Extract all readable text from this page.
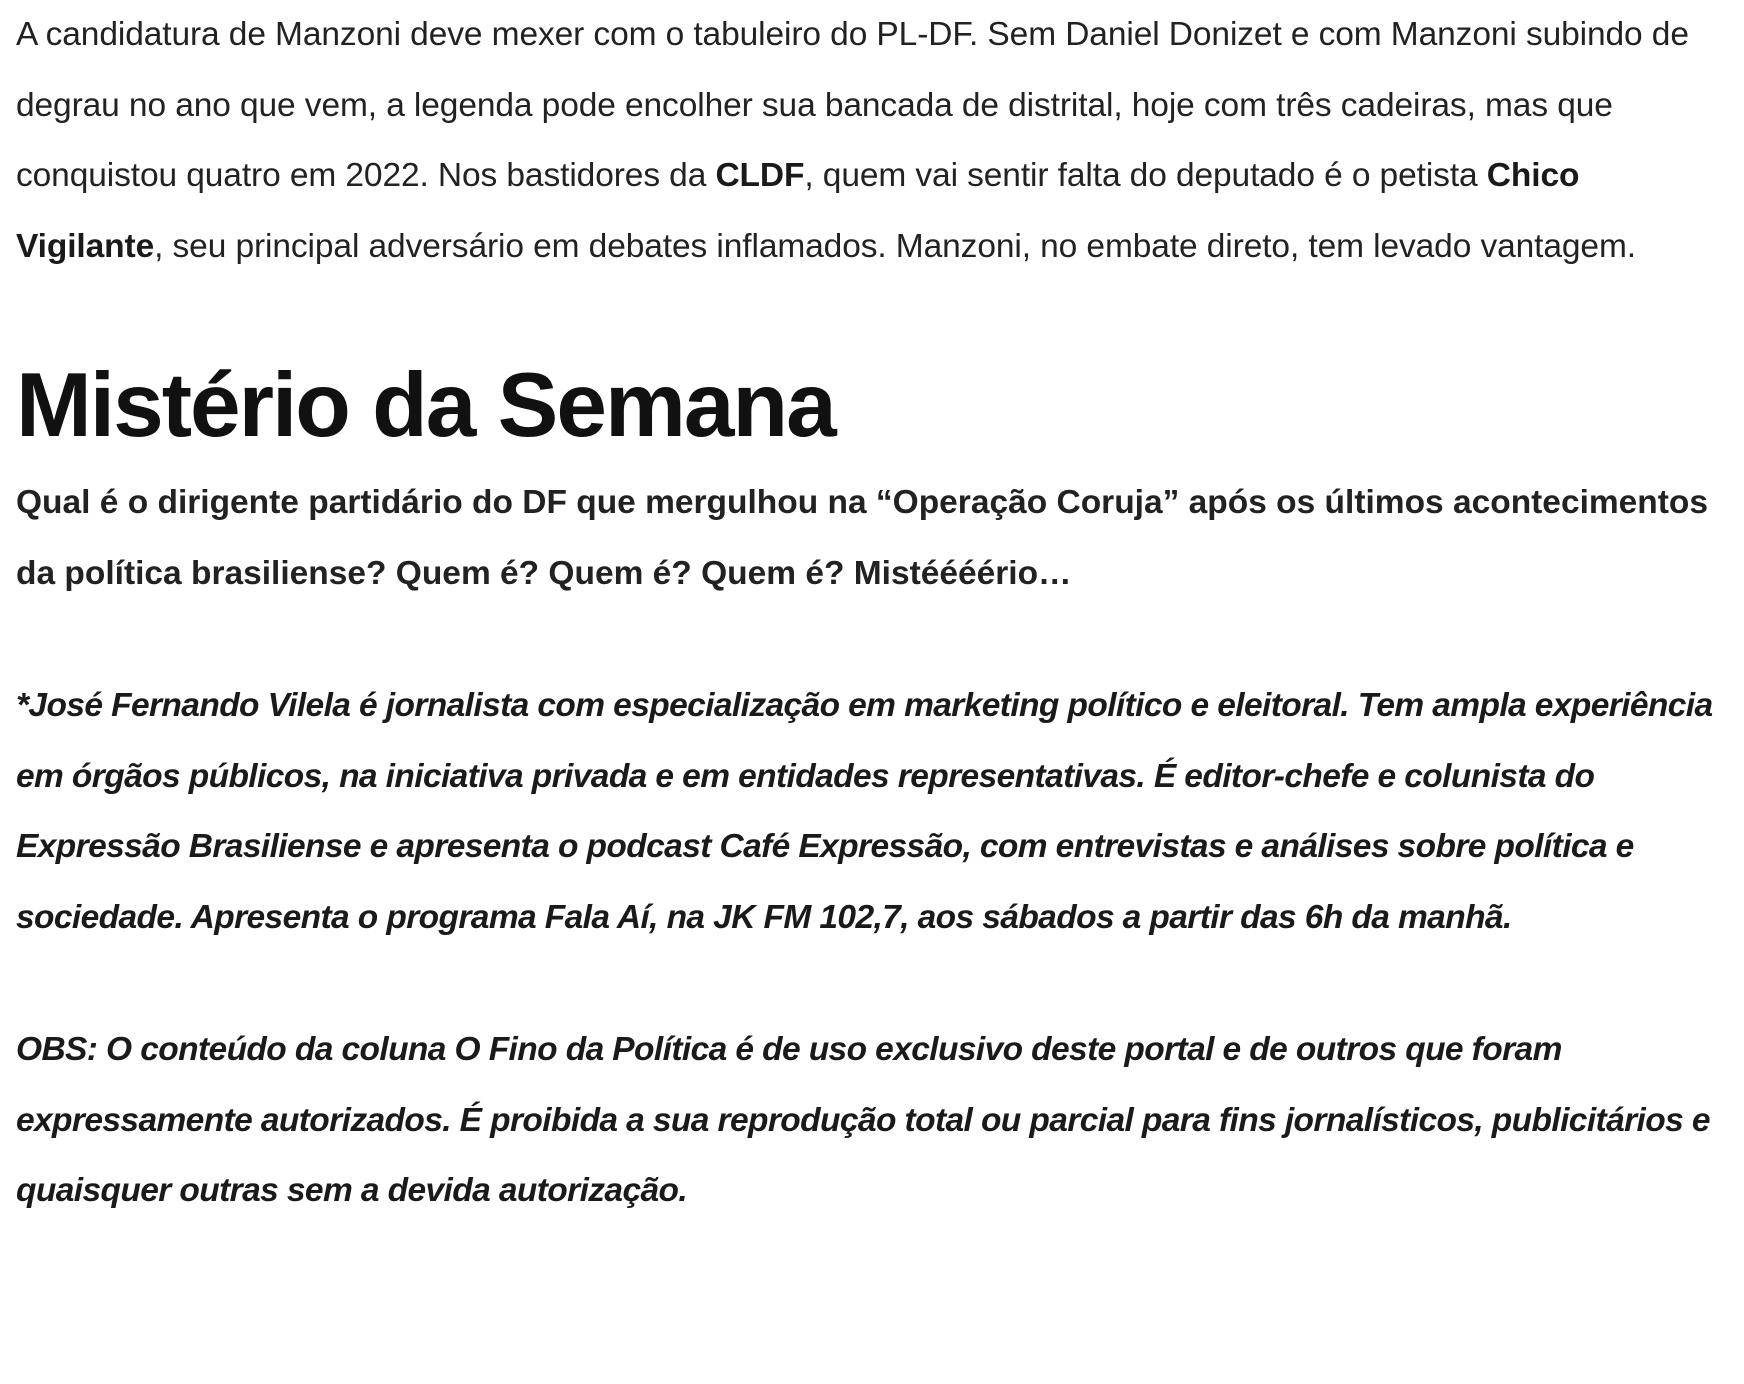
A candidatura de Manzoni deve mexer com o tabuleiro do PL-DF. Sem Daniel Donizet e com Manzoni subindo de degrau no ano que vem, a legenda pode encolher sua bancada de distrital, hoje com três cadeiras, mas que conquistou quatro em 2022. Nos bastidores da CLDF, quem vai sentir falta do deputado é o petista Chico Vigilante, seu principal adversário em debates inflamados. Manzoni, no embate direto, tem levado vantagem.

Mistério da Semana

Qual é o dirigente partidário do DF que mergulhou na “Operação Coruja” após os últimos acontecimentos da política brasiliense? Quem é? Quem é? Quem é? Mistéééério…

*José Fernando Vilela é jornalista com especialização em marketing político e eleitoral. Tem ampla experiência em órgãos públicos, na iniciativa privada e em entidades representativas. É editor-chefe e colunista do Expressão Brasiliense e apresenta o podcast Café Expressão, com entrevistas e análises sobre política e sociedade. Apresenta o programa Fala Aí, na JK FM 102,7, aos sábados a partir das 6h da manhã.

OBS: O conteúdo da coluna O Fino da Política é de uso exclusivo deste portal e de outros que foram expressamente autorizados. É proibida a sua reprodução total ou parcial para fins jornalísticos, publicitários e quaisquer outras sem a devida autorização.
